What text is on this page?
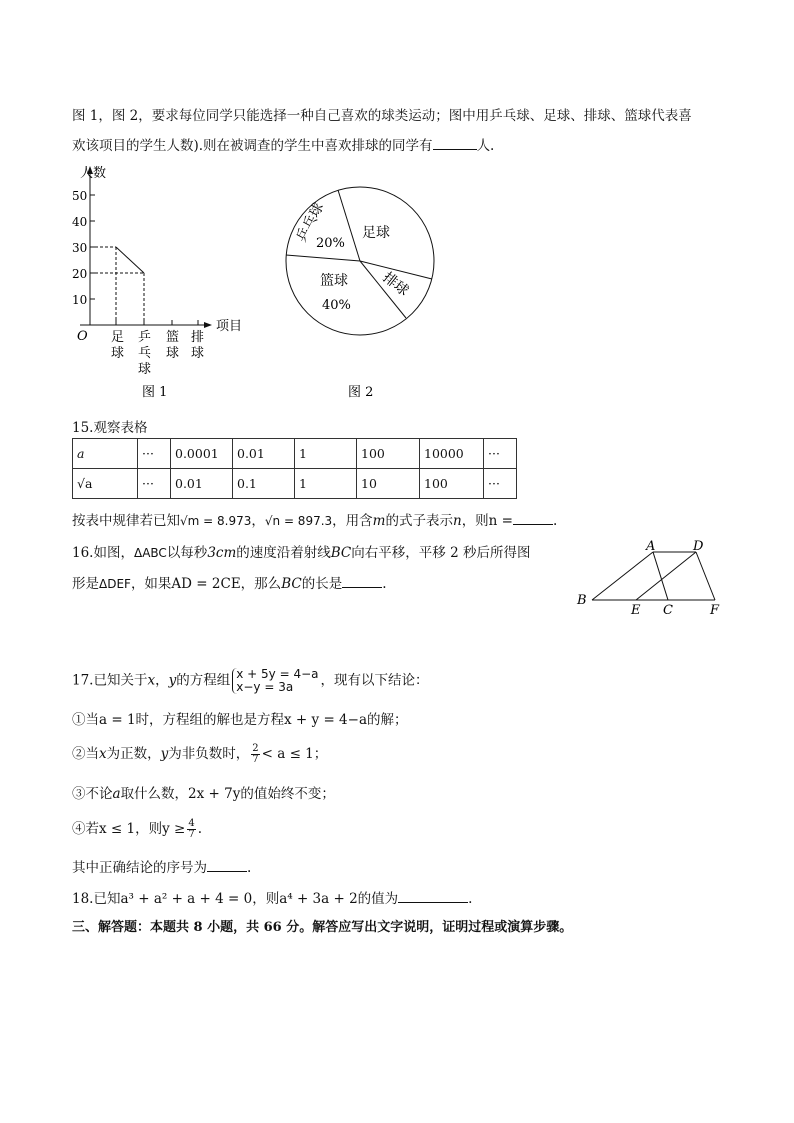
图 1，图 2，要求每位同学只能选择一种自己喜欢的球类运动；图中用乒乓球、足球、排球、篮球代表喜
欢该项目的学生人数).则在被调查的学生中喜欢排球的同学有	人.
人数
项目
O
50
40
30
20
10
足球
乒乓球
篮球
排球
图 1
乒乓球
20%
足球
篮球
40%
排球
图 2
15.观察表格
a	···	0.0001	0.01	1	100	10000	···
√a	···	0.01	0.1	1	10	100	···
按表中规律若已知√m = 8.973，√n = 897.3，用含m的式子表示n，则n =	.
16.如图，ΔABC以每秒3cm的速度沿着射线BC向右平移，平移 2 秒后所得图
形是ΔDEF，如果AD = 2CE，那么BC的长是	.
A	D
B
E C	F
17.已知关于x，y的方程组 x + 5y = 4−a
x−y = 3a	，现有以下结论：
①当a = 1时，方程组的解也是方程x + y = 4−a的解；
②当x为正数，y为非负数时， $\frac{2}{7} < a \le 1$；
③不论a取什么数，2x + 7y的值始终不变；
④若x ≤ 1，则$y \ge \frac{4}{7}$ .
其中正确结论的序号为	.
18.已知a³ + a² + a + 4 = 0，则a⁴ + 3a + 2的值为	.
三、解答题：本题共 8 小题，共 66 分。解答应写出文字说明，证明过程或演算步骤。
